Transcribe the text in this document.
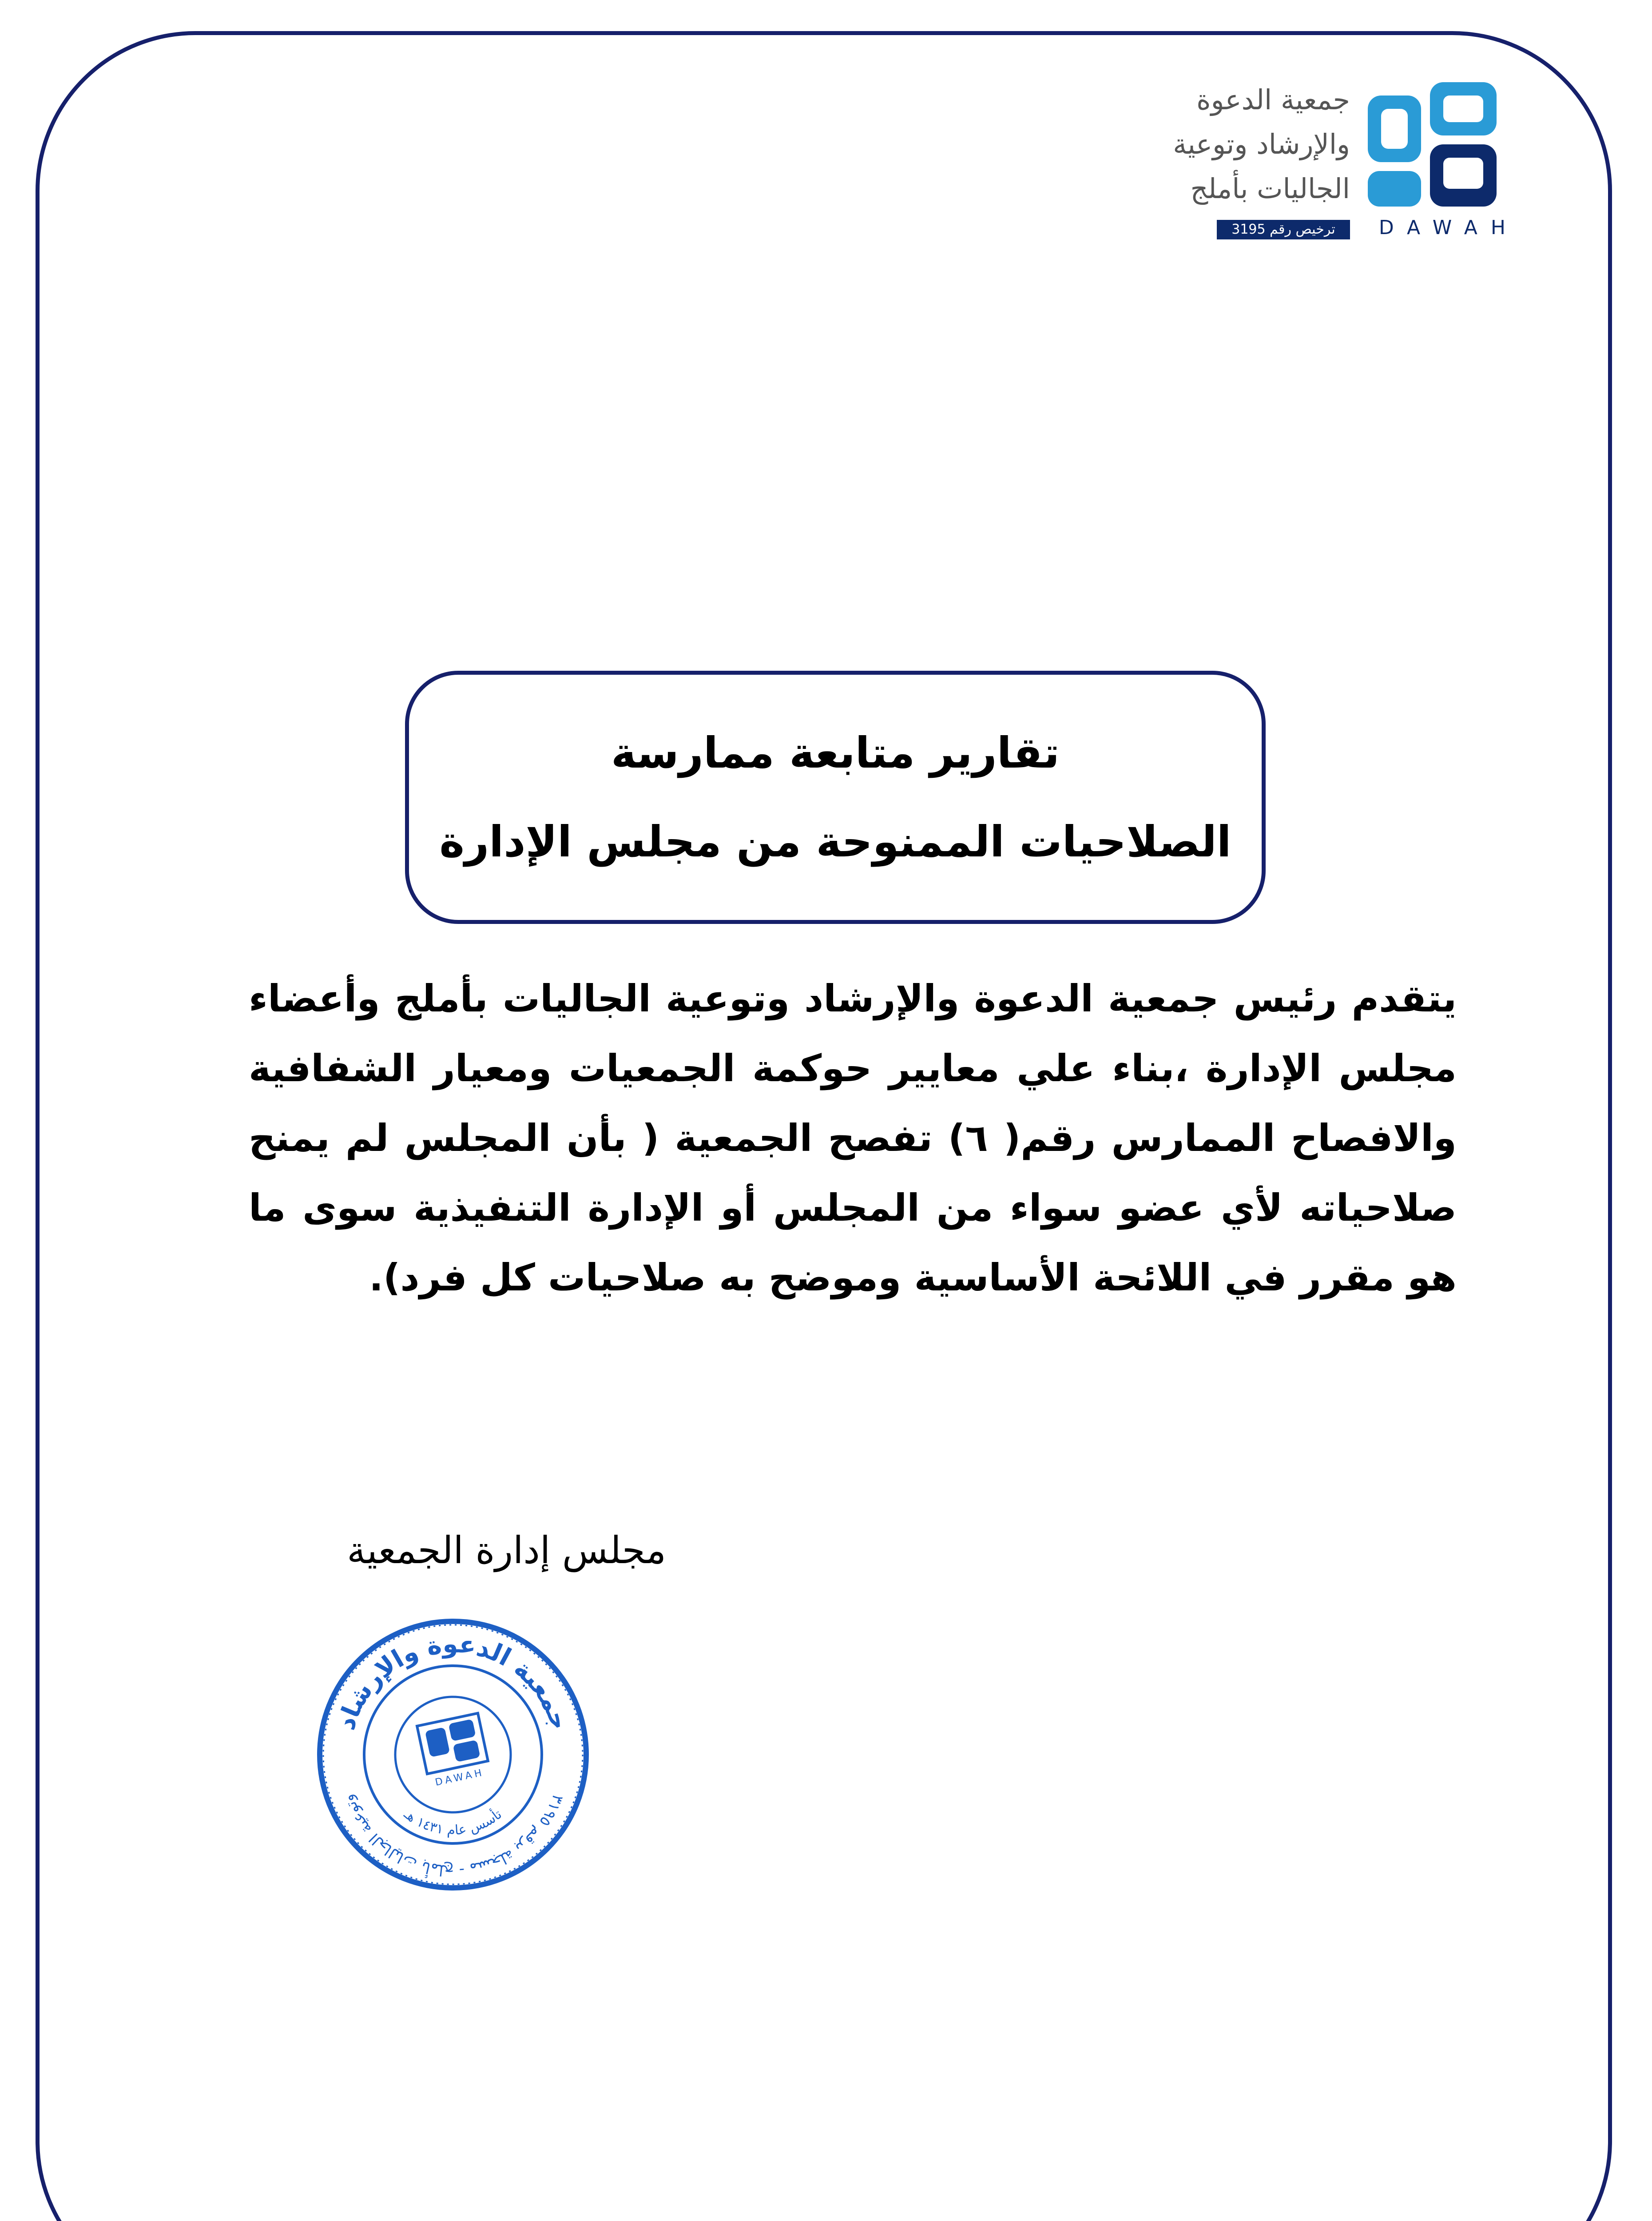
جمعية الدعوة
والإرشاد وتوعية
الجاليات بأملج
ترخيص رقم 3195	DAWAH
تقارير متابعة ممارسة
الصلاحيات الممنوحة من مجلس الإدارة
يتقدم رئيس جمعية الدعوة والإرشاد وتوعية الجاليات بأملج وأعضاء مجلس الإدارة ،بناء علي معايير حوكمة الجمعيات ومعيار الشفافية والافصاح الممارس رقم( ٦) تفصح الجمعية ( بأن المجلس لم يمنح صلاحياته لأي عضو سواء من المجلس أو الإدارة التنفيذية سوى ما هو مقرر في اللائحة الأساسية وموضح به صلاحيات كل فرد).
مجلس إدارة الجمعية
جمعية الدعوة والإرشاد
وتوعية الجاليات بأملج - مسجلة برقم ٣١٩٥
تأسس عام ١٤٣١ هـ
DAWAH
